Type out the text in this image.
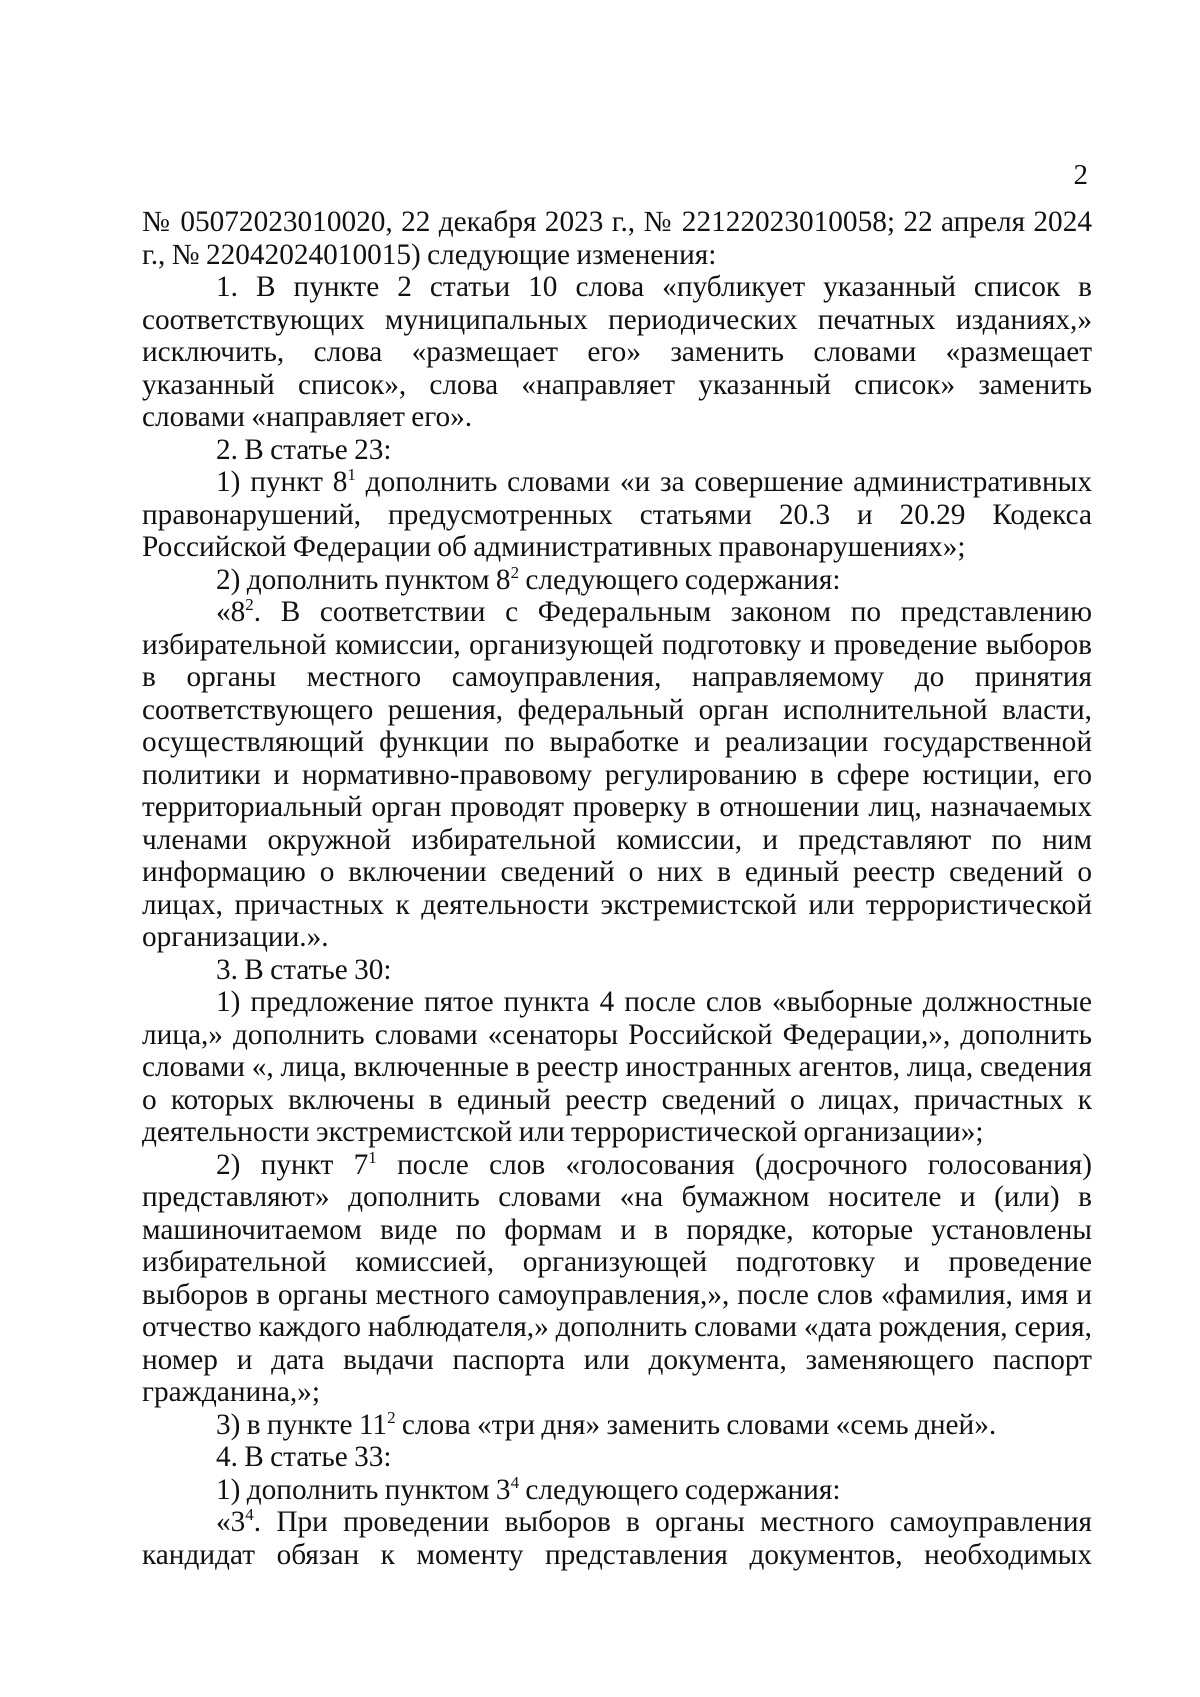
2

№ 05072023010020, 22 декабря 2023 г., № 22122023010058; 22 апреля 2024 г., № 22042024010015) следующие изменения:

1. В пункте 2 статьи 10 слова «публикует указанный список в соответствующих муниципальных периодических печатных изданиях,» исключить, слова «размещает его» заменить словами «размещает указанный список», слова «направляет указанный список» заменить словами «направляет его».

2. В статье 23:

1) пункт $8^1$ дополнить словами «и за совершение административных правонарушений, предусмотренных статьями 20.3 и 20.29 Кодекса Российской Федерации об административных правонарушениях»;

2) дополнить пунктом $8^2$ следующего содержания:

«$8^2$. В соответствии с Федеральным законом по представлению избирательной комиссии, организующей подготовку и проведение выборов в органы местного самоуправления, направляемому до принятия соответствующего решения, федеральный орган исполнительной власти, осуществляющий функции по выработке и реализации государственной политики и нормативно-правовому регулированию в сфере юстиции, его территориальный орган проводят проверку в отношении лиц, назначаемых членами окружной избирательной комиссии, и представляют по ним информацию о включении сведений о них в единый реестр сведений о лицах, причастных к деятельности экстремистской или террористической организации.».

3. В статье 30:

1) предложение пятое пункта 4 после слов «выборные должностные лица,» дополнить словами «сенаторы Российской Федерации,», дополнить словами «, лица, включенные в реестр иностранных агентов, лица, сведения о которых включены в единый реестр сведений о лицах, причастных к деятельности экстремистской или террористической организации»;

2) пункт $7^1$ после слов «голосования (досрочного голосования) представляют» дополнить словами «на бумажном носителе и (или) в машиночитаемом виде по формам и в порядке, которые установлены избирательной комиссией, организующей подготовку и проведение выборов в органы местного самоуправления,», после слов «фамилия, имя и отчество каждого наблюдателя,» дополнить словами «дата рождения, серия, номер и дата выдачи паспорта или документа, заменяющего паспорт гражданина,»;

3) в пункте $11^2$ слова «три дня» заменить словами «семь дней».

4. В статье 33:

1) дополнить пунктом $3^4$ следующего содержания:

«$3^4$. При проведении выборов в органы местного самоуправления кандидат обязан к моменту представления документов, необходимых
